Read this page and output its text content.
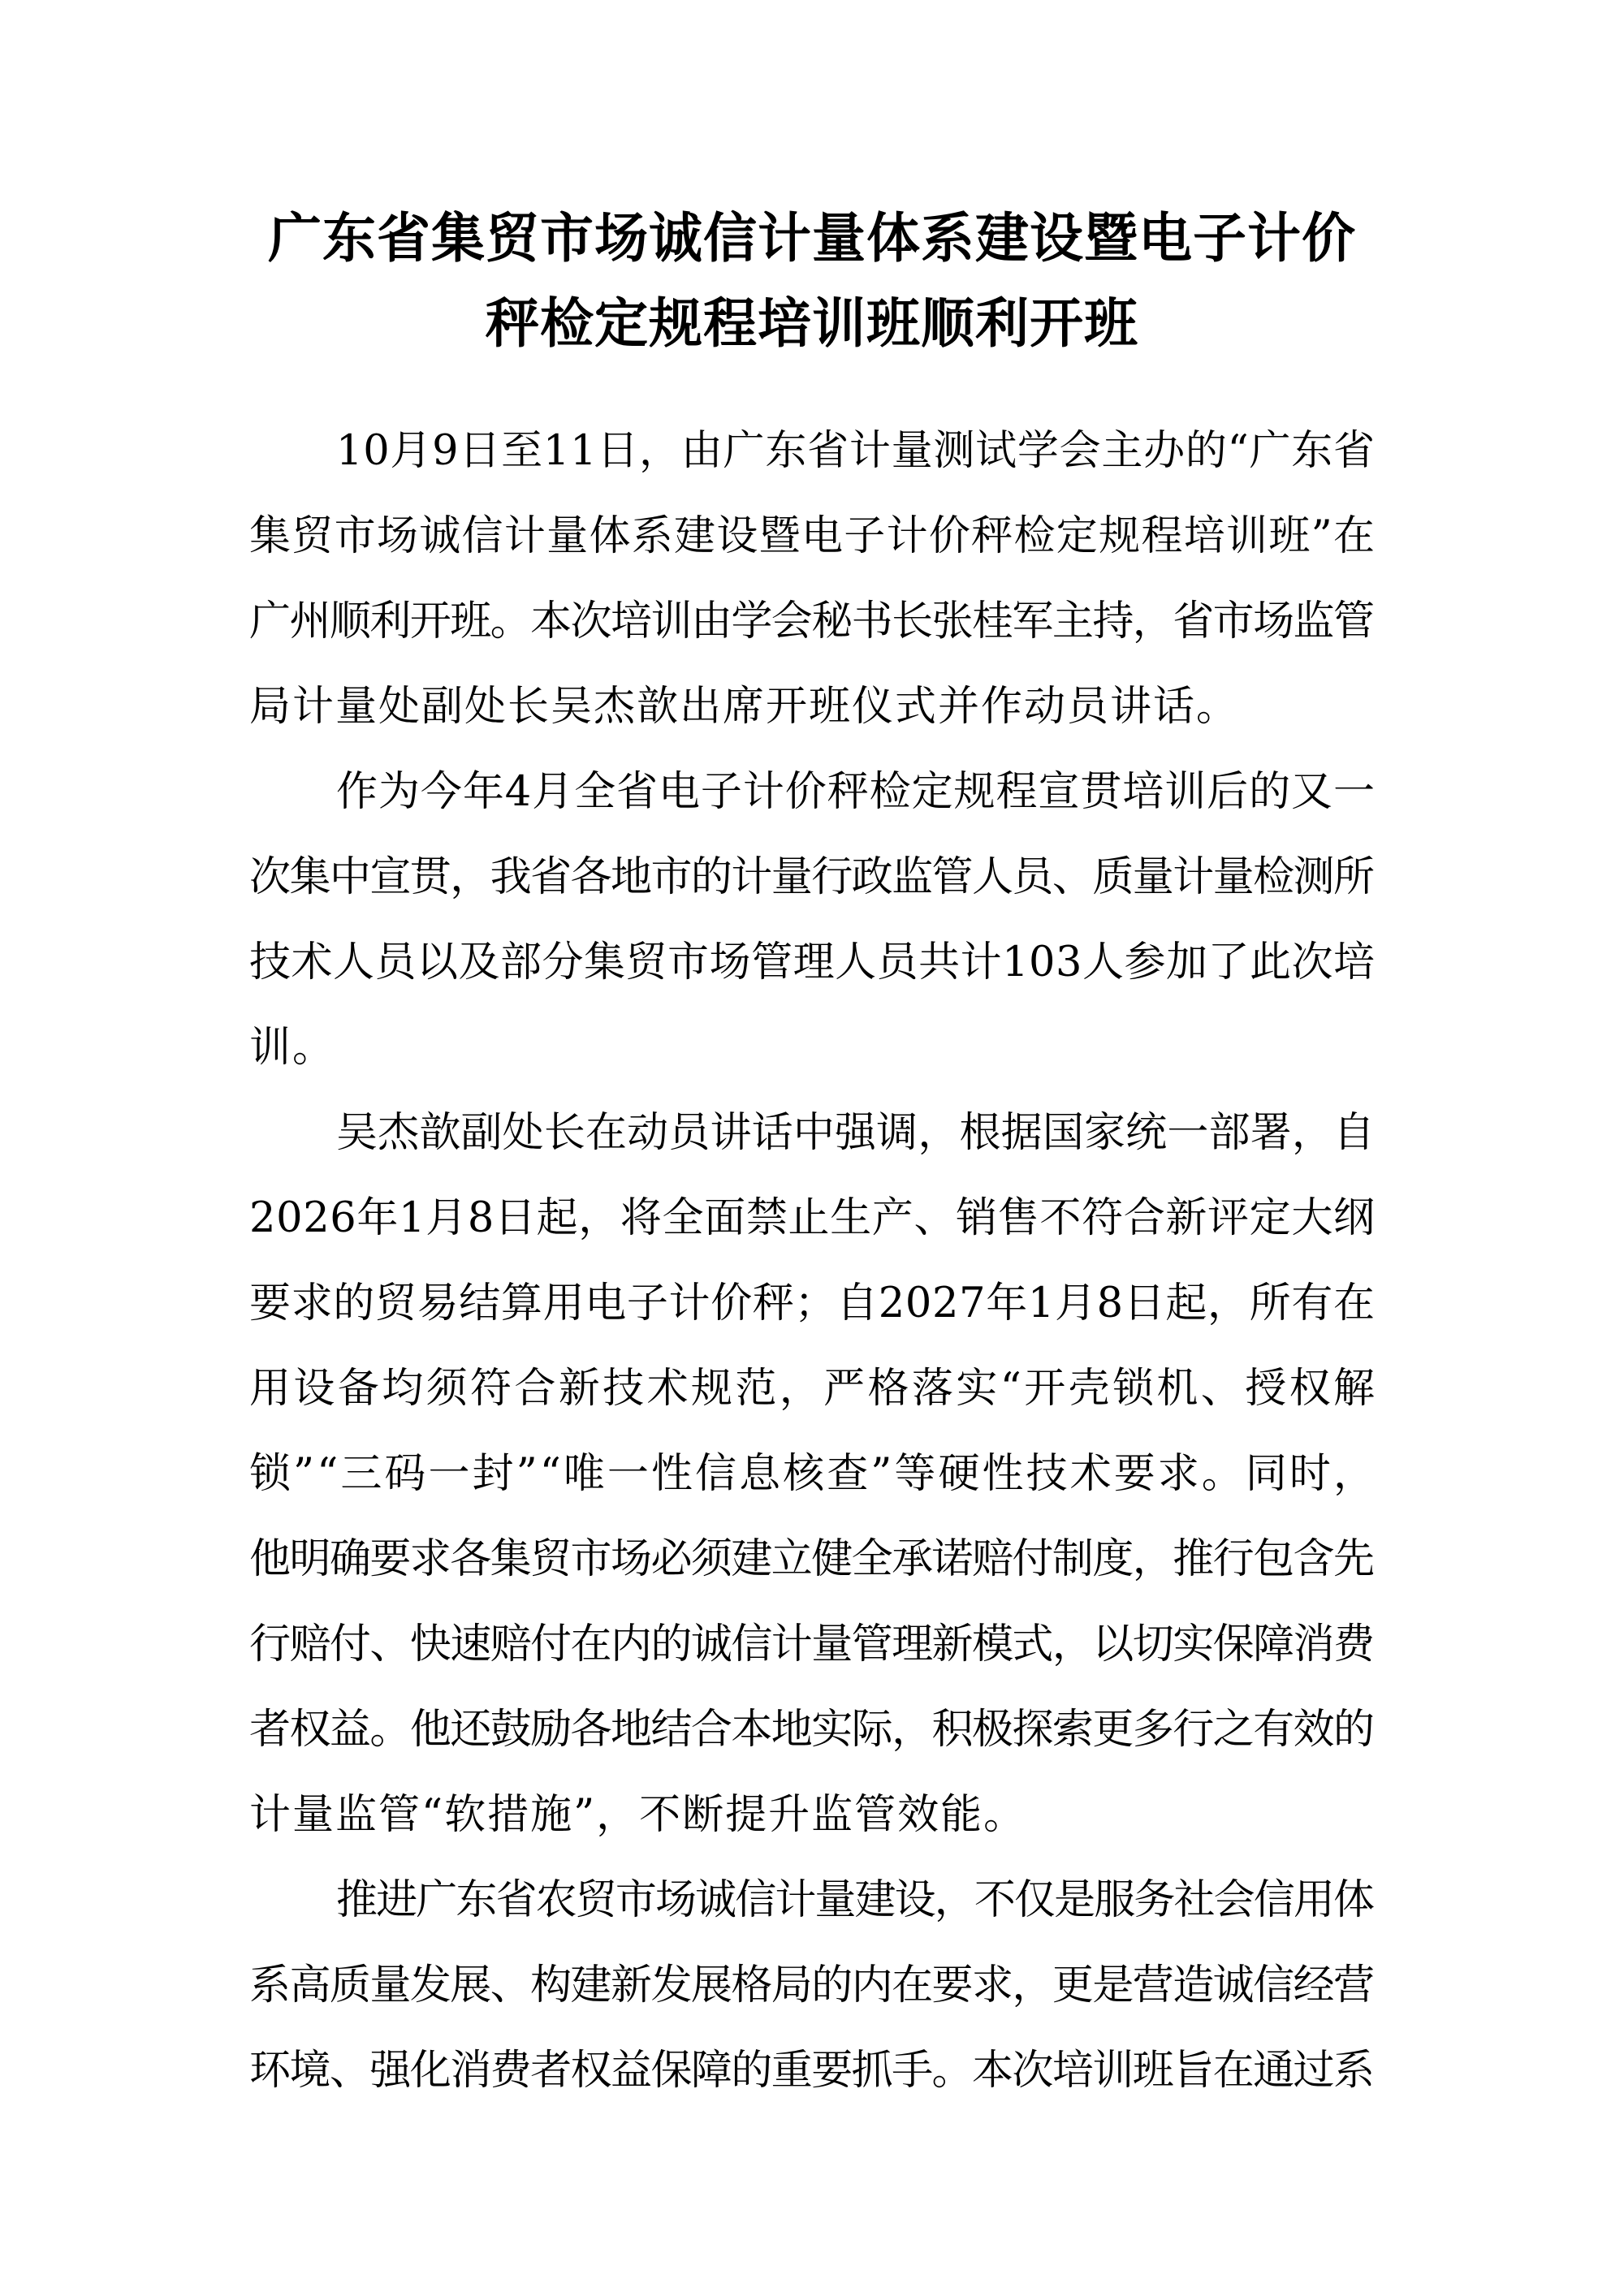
广东省集贸市场诚信计量体系建设暨电子计价
秤检定规程培训班顺利开班
10月9日至11日，由广东省计量测试学会主办的“广东省
集贸市场诚信计量体系建设暨电子计价秤检定规程培训班”在
广州顺利开班。本次培训由学会秘书长张桂军主持，省市场监管
局计量处副处长吴杰歆出席开班仪式并作动员讲话。
作为今年4月全省电子计价秤检定规程宣贯培训后的又一
次集中宣贯，我省各地市的计量行政监管人员、质量计量检测所
技术人员以及部分集贸市场管理人员共计103人参加了此次培
训。
吴杰歆副处长在动员讲话中强调，根据国家统一部署，自
2026年1月8日起，将全面禁止生产、销售不符合新评定大纲
要求的贸易结算用电子计价秤；自2027年1月8日起，所有在
用设备均须符合新技术规范，严格落实“开壳锁机、授权解
锁”“三码一封”“唯一性信息核查”等硬性技术要求。同时，
他明确要求各集贸市场必须建立健全承诺赔付制度，推行包含先
行赔付、快速赔付在内的诚信计量管理新模式，以切实保障消费
者权益。他还鼓励各地结合本地实际，积极探索更多行之有效的
计量监管“软措施”，不断提升监管效能。
推进广东省农贸市场诚信计量建设，不仅是服务社会信用体
系高质量发展、构建新发展格局的内在要求，更是营造诚信经营
环境、强化消费者权益保障的重要抓手。本次培训班旨在通过系
